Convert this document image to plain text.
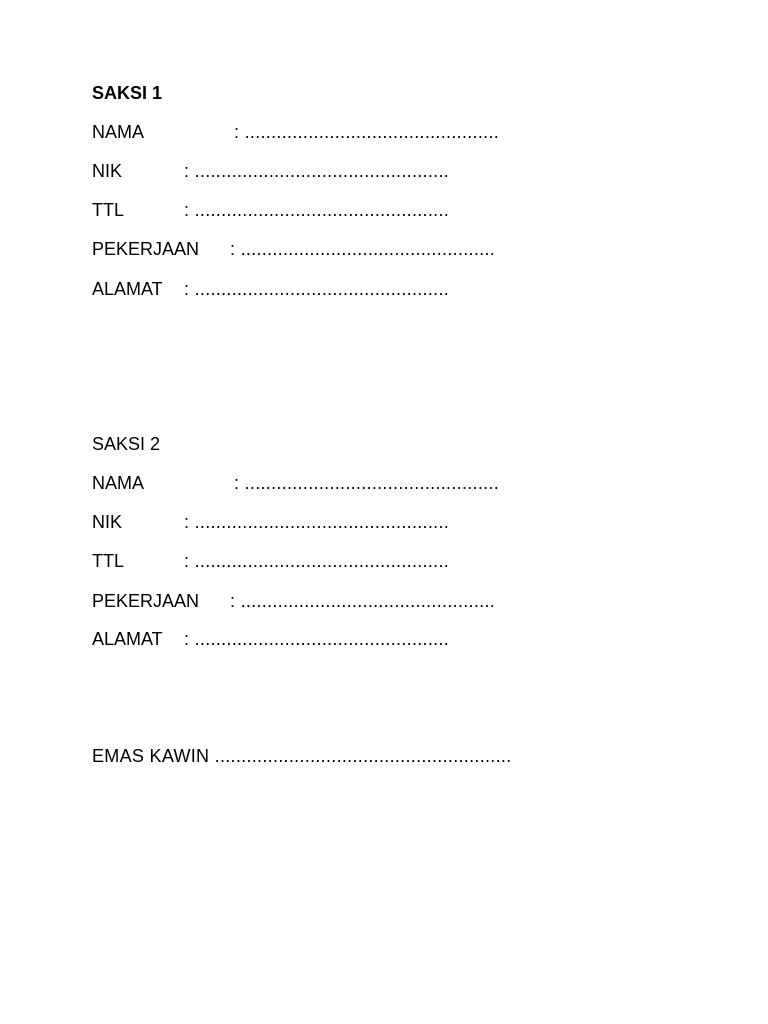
SAKSI 1
NAMA	: ................................................
NIK	: ................................................
TTL	: ................................................
PEKERJAAN : ................................................
ALAMAT : ................................................
SAKSI 2
NAMA	: ................................................
NIK	: ................................................
TTL	: ................................................
PEKERJAAN : ................................................
ALAMAT : ................................................
EMAS KAWIN ........................................................
